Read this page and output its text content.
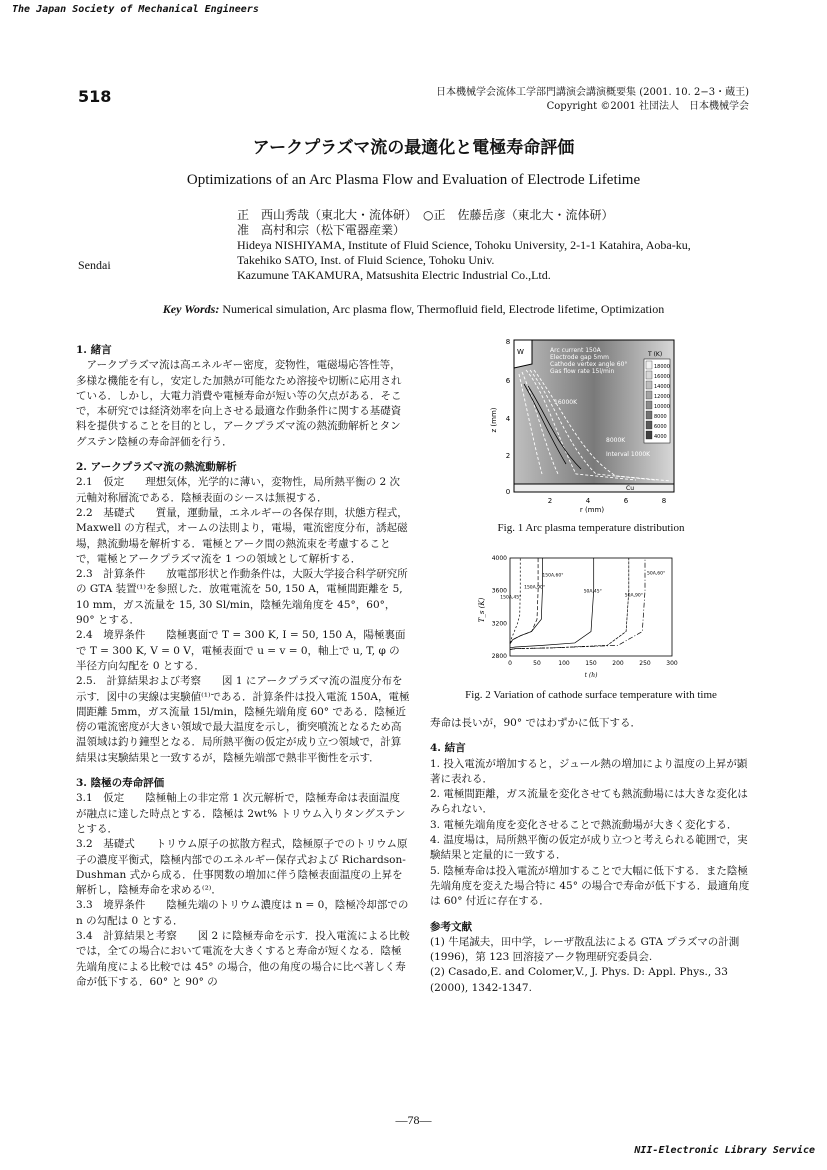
The Japan Society of Mechanical Engineers
518	日本機械学会流体工学部門講演会講演概要集 (2001. 10. 2−3・蔵王)
Copyright ©2001 社団法人　日本機械学会
アークプラズマ流の最適化と電極寿命評価
Optimizations of an Arc Plasma Flow and Evaluation of Electrode Lifetime
正　西山秀哉（東北大・流体研）　○正　佐藤岳彦（東北大・流体研）
准　高村和宗（松下電器産業）
Hideya NISHIYAMA, Institute of Fluid Science, Tohoku University, 2-1-1 Katahira, Aoba-ku,
Takehiko SATO, Inst. of Fluid Science, Tohoku Univ.
Kazumune TAKAMURA, Matsushita Electric Industrial Co.,Ltd.
Sendai
Key Words: Numerical simulation, Arc plasma flow, Thermofluid field, Electrode lifetime, Optimization
1. 緒言

　アークプラズマ流は高エネルギー密度，変物性，電磁場応答性等，多様な機能を有し，安定した加熱が可能なため溶接や切断に応用されている．しかし，大電力消費や電極寿命が短い等の欠点がある．そこで，本研究では経済効率を向上させる最適な作動条件に関する基礎資料を提供することを目的とし，アークプラズマ流の熱流動解析とタングステン陰極の寿命評価を行う．

2. アークプラズマ流の熱流動解析

2.1　仮定　　理想気体，光学的に薄い，変物性，局所熱平衡の 2 次元軸対称層流である．陰極表面のシースは無視する．

2.2　基礎式　　質量，運動量，エネルギーの各保存則，状態方程式，Maxwell の方程式，オームの法則より，電場，電流密度分布，誘起磁場，熱流動場を解析する．電極とアーク間の熱流束を考慮することで，電極とアークプラズマ流を 1 つの領域として解析する．

2.3　計算条件　　放電部形状と作動条件は，大阪大学接合科学研究所の GTA 装置⁽¹⁾を参照した．放電電流を 50, 150 A，電極間距離を 5, 10 mm，ガス流量を 15, 30 Sl/min，陰極先端角度を 45°，60°，90° とする．

2.4　境界条件　　陰極裏面で T = 300 K, I = 50, 150 A，陽極裏面で T = 300 K, V = 0 V，電極表面で u = v = 0，軸上で u, T, φ の半径方向勾配を 0 とする．

2.5.　計算結果および考察　　図 1 にアークプラズマ流の温度分布を示す．図中の実線は実験値⁽¹⁾である．計算条件は投入電流 150A，電極間距離 5mm，ガス流量 15l/min，陰極先端角度 60° である．陰極近傍の電流密度が大きい領域で最大温度を示し，衝突噴流となるため高温領域は釣り鐘型となる．局所熱平衡の仮定が成り立つ領域で，計算結果は実験結果と一致するが，陰極先端部で熱非平衡性を示す．

3. 陰極の寿命評価

3.1　仮定　　陰極軸上の非定常 1 次元解析で，陰極寿命は表面温度が融点に達した時点とする．陰極は 2wt% トリウム入りタングステンとする．

3.2　基礎式　　トリウム原子の拡散方程式，陰極原子でのトリウム原子の濃度平衡式，陰極内部でのエネルギー保存式および Richardson-Dushman 式から成る．仕事関数の増加に伴う陰極表面温度の上昇を解析し，陰極寿命を求める⁽²⁾．

3.3　境界条件　　陰極先端のトリウム濃度は n = 0，陰極冷却部での n の勾配は 0 とする．

3.4　計算結果と考察　　図 2 に陰極寿命を示す．投入電流による比較では，全ての場合において電流を大きくすると寿命が短くなる．陰極先端角度による比較では 45° の場合，他の角度の場合に比べ著しく寿命が低下する．60° と 90° の

W
Cu
Arc current 150A
Electrode gap 5mm
Cathode vertex angle 60°
Gas flow rate 15l/min
16000K
8000K
Interval 1000K
T (K)
18000
16000
14000
12000
10000
8000
6000
4000
0
2
4
6
8
2	4	6	8
r (mm)
z (mm)
Fig. 1 Arc plasma temperature distribution
0	50	100	150	200	250	300
2800
3200
3600
4000
150A,60°
150A,90°
150A,45°
50A,45°
50A,60°
50A,90°
T_s (K)
t (h)
Fig. 2 Variation of cathode surface temperature with time

寿命は長いが，90° ではわずかに低下する．

4. 結言

1. 投入電流が増加すると，ジュール熱の増加により温度の上昇が顕著に表れる．

2. 電極間距離，ガス流量を変化させても熱流動場には大きな変化はみられない．

3. 電極先端角度を変化させることで熱流動場が大きく変化する．

4. 温度場は，局所熱平衡の仮定が成り立つと考えられる範囲で，実験結果と定量的に一致する．

5. 陰極寿命は投入電流が増加することで大幅に低下する．また陰極先端角度を変えた場合特に 45° の場合で寿命が低下する．最適角度は 60° 付近に存在する．

参考文献

(1) 牛尾誠夫，田中学，レーザ散乱法による GTA プラズマの計測 (1996)，第 123 回溶接アーク物理研究委員会.

(2) Casado,E. and Colomer,V., J. Phys. D: Appl. Phys., 33 (2000), 1342-1347.

—78—
NII-Electronic Library Service
